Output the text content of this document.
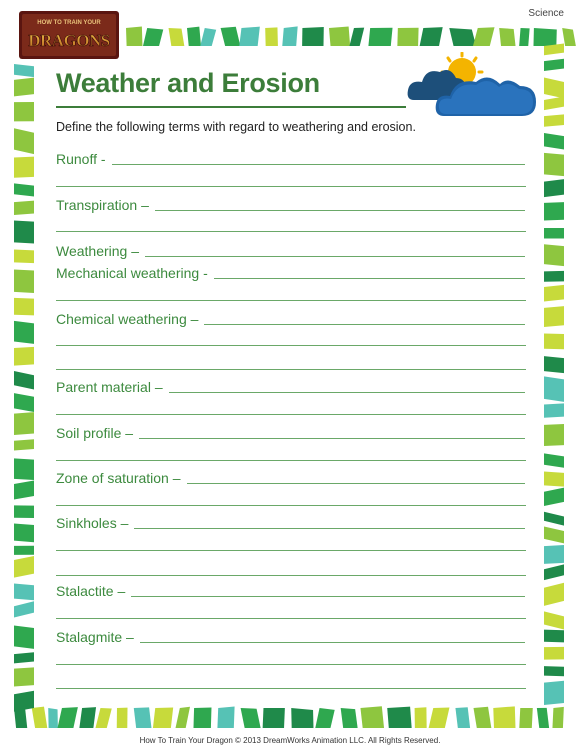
Science
HOW TO TRAIN YOUR
DRAGONS
Weather and Erosion
Define the following terms with regard to weathering and erosion.
Runoff -
Transpiration –
Weathering –
Mechanical weathering -
Chemical weathering –
Parent material –
Soil profile –
Zone of saturation –
Sinkholes –
Stalactite –
Stalagmite –
How To Train Your Dragon © 2013 DreamWorks Animation LLC. All Rights Reserved.
